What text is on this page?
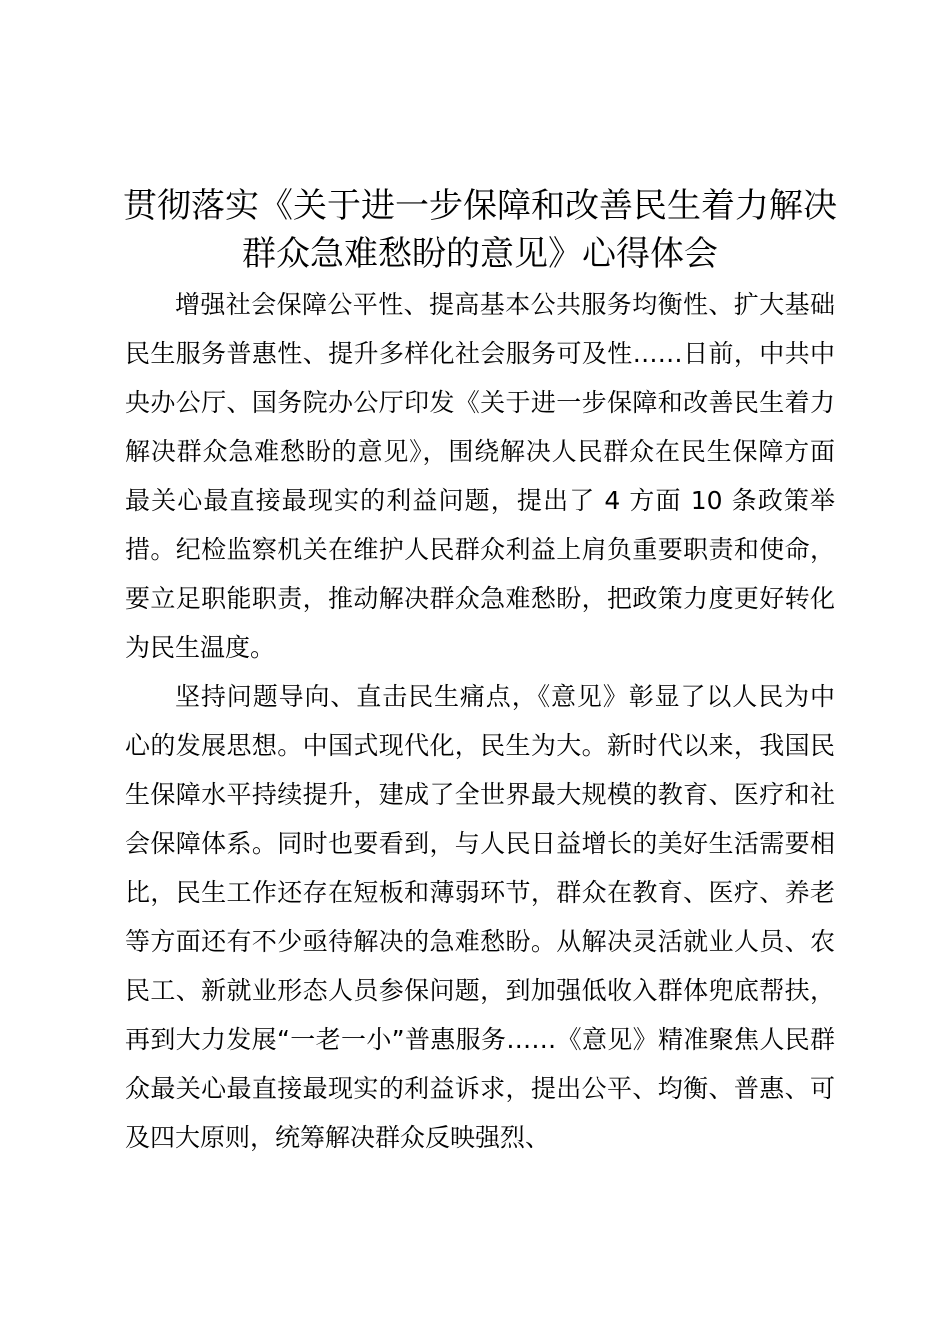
贯彻落实《关于进一步保障和改善民生着力解决群众急难愁盼的意见》心得体会

增强社会保障公平性、提高基本公共服务均衡性、扩大基础民生服务普惠性、提升多样化社会服务可及性……日前，中共中央办公厅、国务院办公厅印发《关于进一步保障和改善民生着力解决群众急难愁盼的意见》，围绕解决人民群众在民生保障方面最关心最直接最现实的利益问题，提出了 4 方面 10 条政策举措。纪检监察机关在维护人民群众利益上肩负重要职责和使命，要立足职能职责，推动解决群众急难愁盼，把政策力度更好转化为民生温度。

坚持问题导向、直击民生痛点，《意见》彰显了以人民为中心的发展思想。中国式现代化，民生为大。新时代以来，我国民生保障水平持续提升，建成了全世界最大规模的教育、医疗和社会保障体系。同时也要看到，与人民日益增长的美好生活需要相比，民生工作还存在短板和薄弱环节，群众在教育、医疗、养老等方面还有不少亟待解决的急难愁盼。从解决灵活就业人员、农民工、新就业形态人员参保问题，到加强低收入群体兜底帮扶，再到大力发展“一老一小”普惠服务……《意见》精准聚焦人民群众最关心最直接最现实的利益诉求，提出公平、均衡、普惠、可及四大原则，统筹解决群众反映强烈、
